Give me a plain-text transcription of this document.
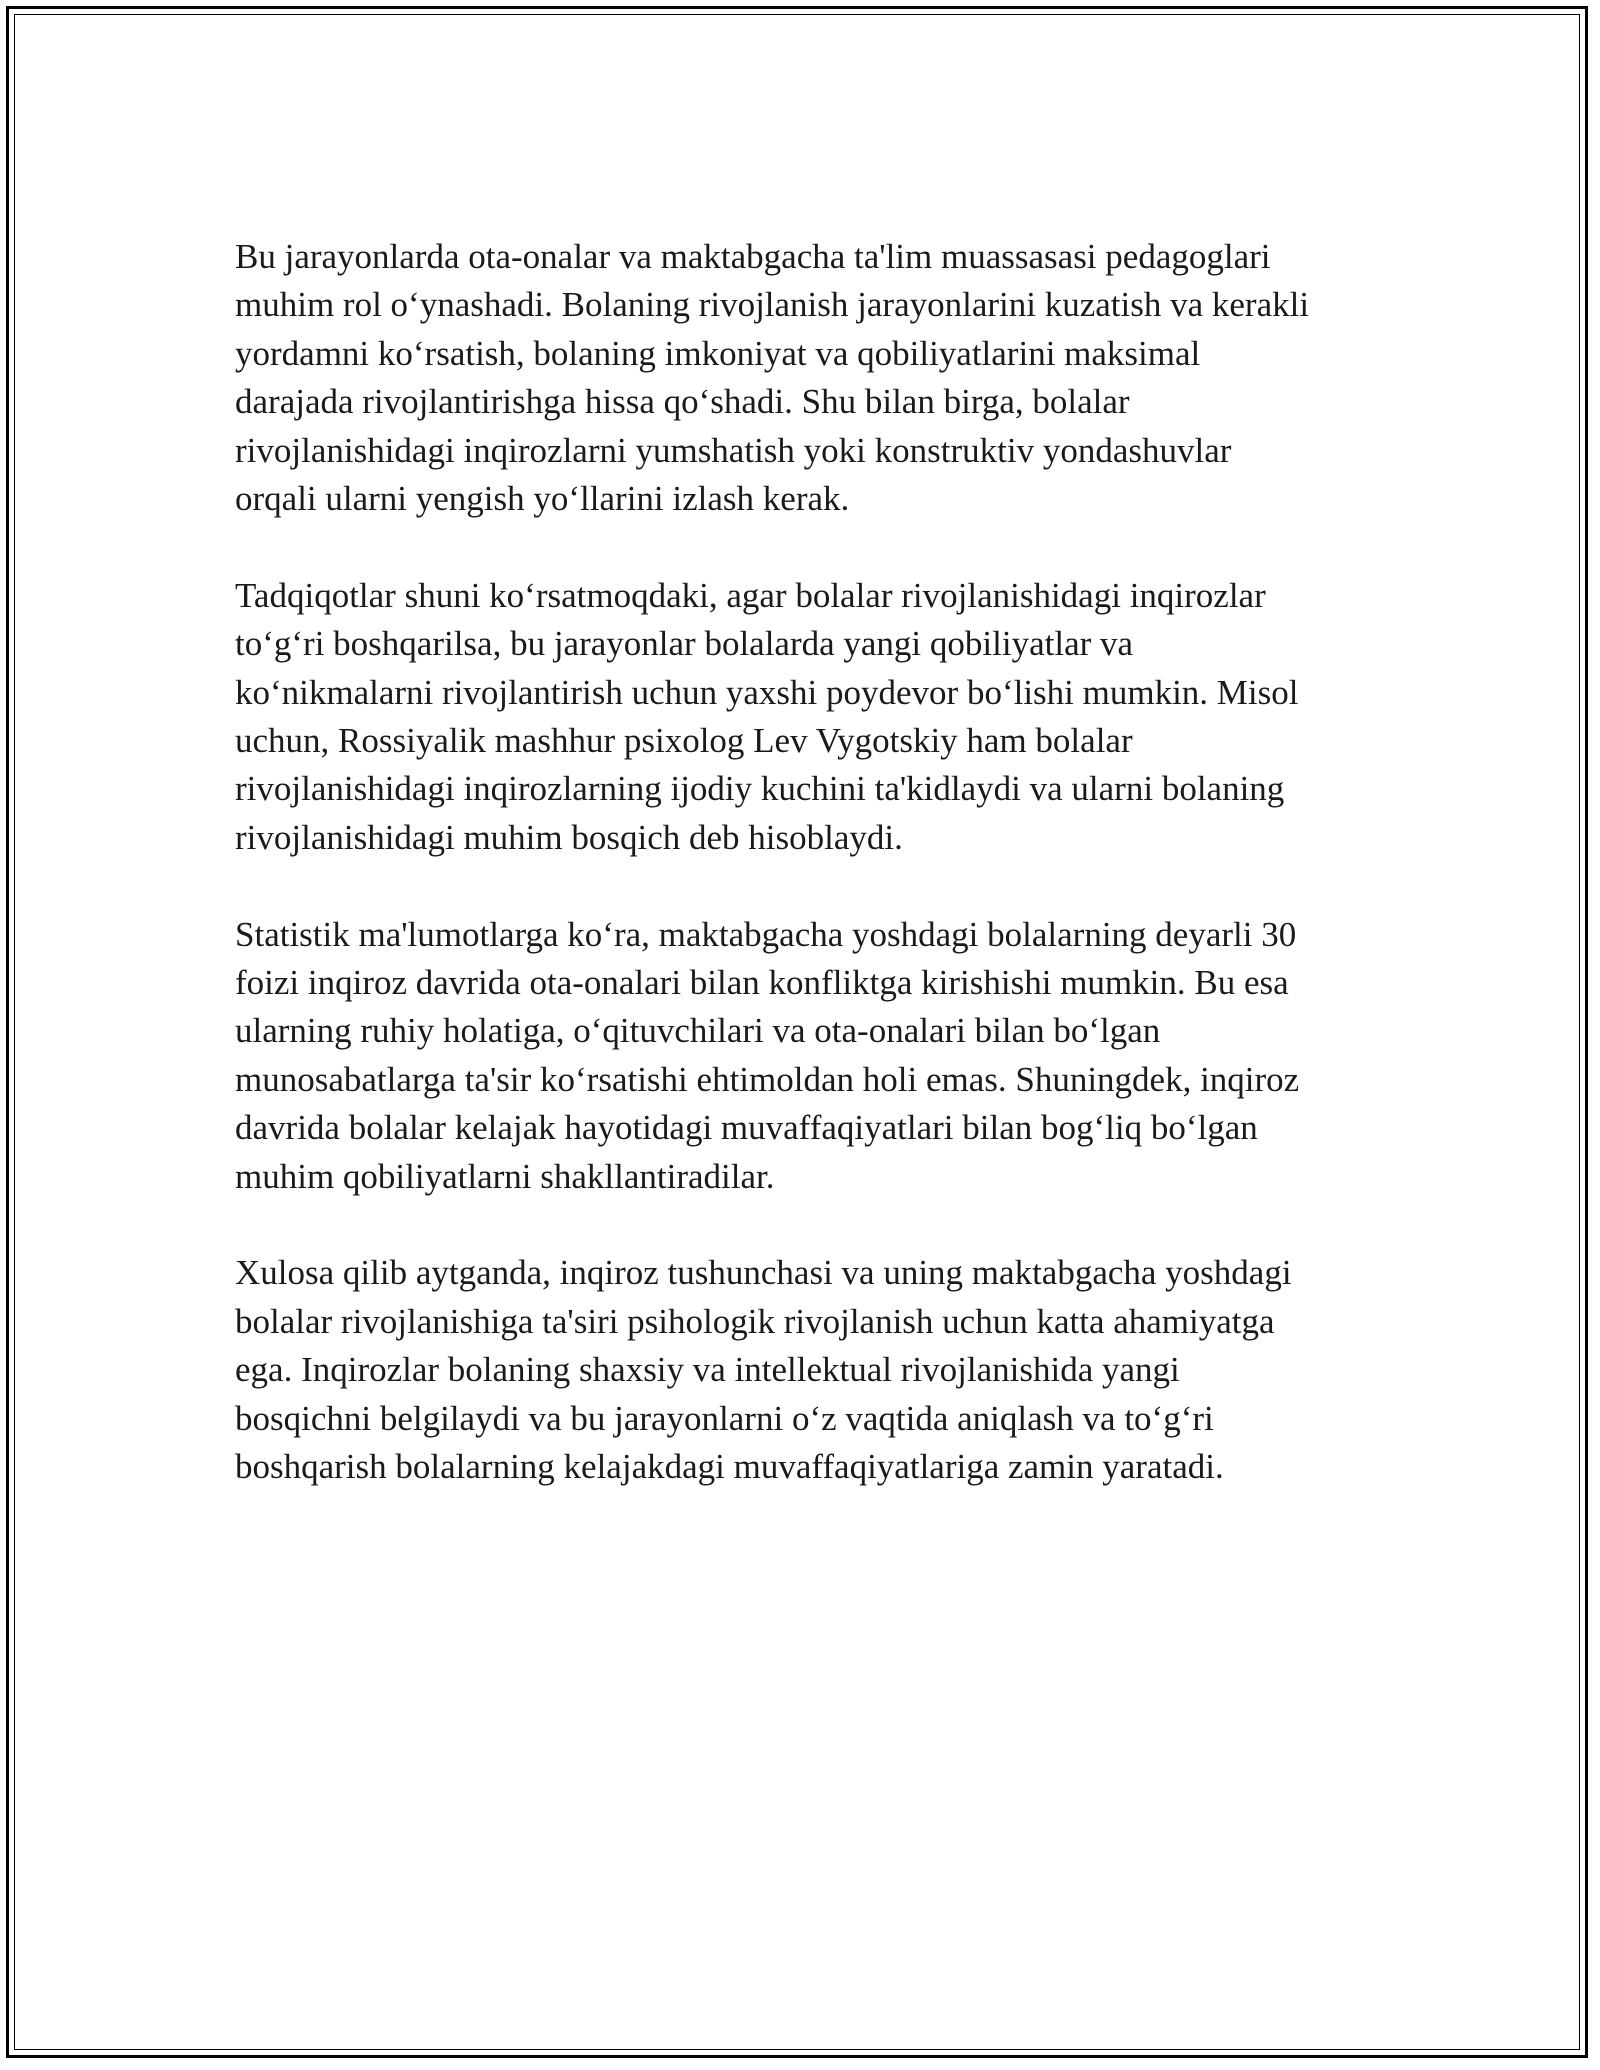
Bu jarayonlarda ota-onalar va maktabgacha ta'lim muassasasi pedagoglari
muhim rol o‘ynashadi. Bolaning rivojlanish jarayonlarini kuzatish va kerakli
yordamni ko‘rsatish, bolaning imkoniyat va qobiliyatlarini maksimal
darajada rivojlantirishga hissa qo‘shadi. Shu bilan birga, bolalar
rivojlanishidagi inqirozlarni yumshatish yoki konstruktiv yondashuvlar
orqali ularni yengish yo‘llarini izlash kerak.

Tadqiqotlar shuni ko‘rsatmoqdaki, agar bolalar rivojlanishidagi inqirozlar
to‘g‘ri boshqarilsa, bu jarayonlar bolalarda yangi qobiliyatlar va
ko‘nikmalarni rivojlantirish uchun yaxshi poydevor bo‘lishi mumkin. Misol
uchun, Rossiyalik mashhur psixolog Lev Vygotskiy ham bolalar
rivojlanishidagi inqirozlarning ijodiy kuchini ta'kidlaydi va ularni bolaning
rivojlanishidagi muhim bosqich deb hisoblaydi.

Statistik ma'lumotlarga ko‘ra, maktabgacha yoshdagi bolalarning deyarli 30
foizi inqiroz davrida ota-onalari bilan konfliktga kirishishi mumkin. Bu esa
ularning ruhiy holatiga, o‘qituvchilari va ota-onalari bilan bo‘lgan
munosabatlarga ta'sir ko‘rsatishi ehtimoldan holi emas. Shuningdek, inqiroz
davrida bolalar kelajak hayotidagi muvaffaqiyatlari bilan bog‘liq bo‘lgan
muhim qobiliyatlarni shakllantiradilar.

Xulosa qilib aytganda, inqiroz tushunchasi va uning maktabgacha yoshdagi
bolalar rivojlanishiga ta'siri psihologik rivojlanish uchun katta ahamiyatga
ega. Inqirozlar bolaning shaxsiy va intellektual rivojlanishida yangi
bosqichni belgilaydi va bu jarayonlarni o‘z vaqtida aniqlash va to‘g‘ri
boshqarish bolalarning kelajakdagi muvaffaqiyatlariga zamin yaratadi.
